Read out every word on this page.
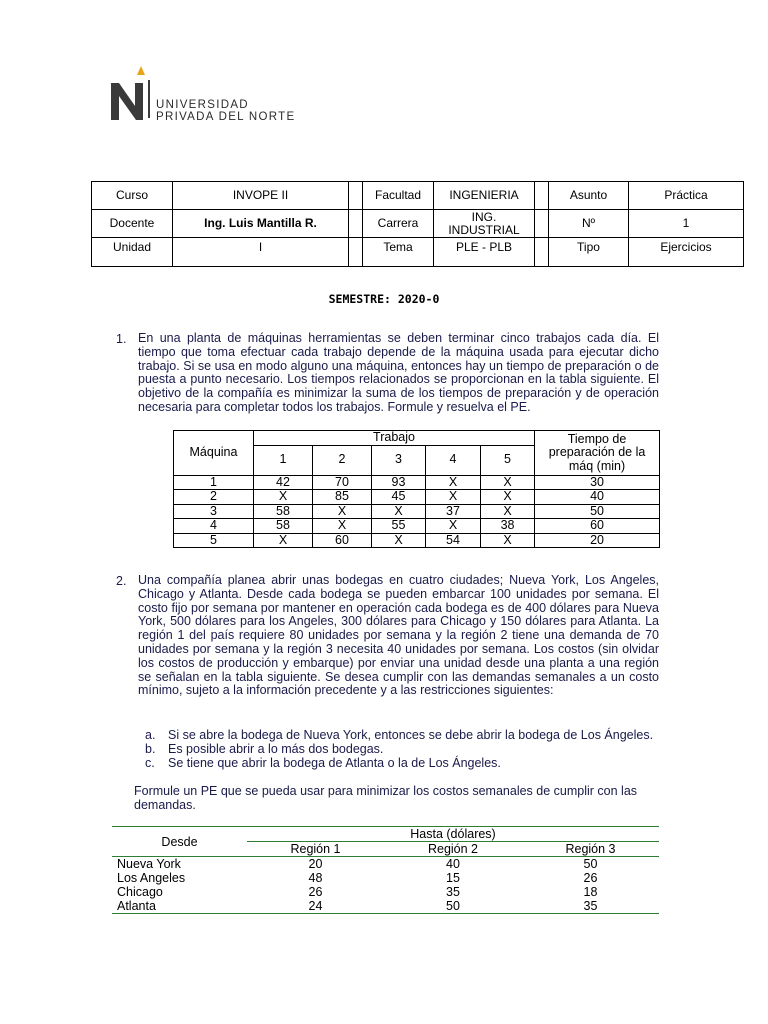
UNIVERSIDAD
PRIVADA DEL NORTE
Curso	INVOPE II		Facultad	INGENIERIA		Asunto	Práctica
Docente	Ing. Luis Mantilla R.		Carrera	ING. INDUSTRIAL		Nº	1
Unidad	I		Tema	PLE - PLB		Tipo	Ejercicios
SEMESTRE: 2020-0
1. En una planta de máquinas herramientas se deben terminar cinco trabajos cada día. El tiempo que toma efectuar cada trabajo depende de la máquina usada para ejecutar dicho trabajo. Si se usa en modo alguno una máquina, entonces hay un tiempo de preparación o de puesta a punto necesario. Los tiempos relacionados se proporcionan en la tabla siguiente. El objetivo de la compañía es minimizar la suma de los tiempos de preparación y de operación necesaria para completar todos los trabajos. Formule y resuelva el PE.
Máquina	Trabajo					Tiempo de preparación de la máq (min)
	1	2	3	4	5	
1	42	70	93	X	X	30
2	X	85	45	X	X	40
3	58	X	X	37	X	50
4	58	X	55	X	38	60
5	X	60	X	54	X	20
2. Una compañía planea abrir unas bodegas en cuatro ciudades; Nueva York, Los Angeles, Chicago y Atlanta. Desde cada bodega se pueden embarcar 100 unidades por semana. El costo fijo por semana por mantener en operación cada bodega es de 400 dólares para Nueva York, 500 dólares para los Angeles, 300 dólares para Chicago y 150 dólares para Atlanta. La región 1 del país requiere 80 unidades por semana y la región 2 tiene una demanda de 70 unidades por semana y la región 3 necesita 40 unidades por semana. Los costos (sin olvidar los costos de producción y embarque) por enviar una unidad desde una planta a una región se señalan en la tabla siguiente. Se desea cumplir con las demandas semanales a un costo mínimo, sujeto a la información precedente y a las restricciones siguientes:
a. Si se abre la bodega de Nueva York, entonces se debe abrir la bodega de Los Ángeles.
b. Es posible abrir a lo más dos bodegas.
c. Se tiene que abrir la bodega de Atlanta o la de Los Ángeles.
Formule un PE que se pueda usar para minimizar los costos semanales de cumplir con las demandas.
Desde	Hasta (dólares)		
	Región 1	Región 2	Región 3
Nueva York	20	40	50
Los Angeles	48	15	26
Chicago	26	35	18
Atlanta	24	50	35
